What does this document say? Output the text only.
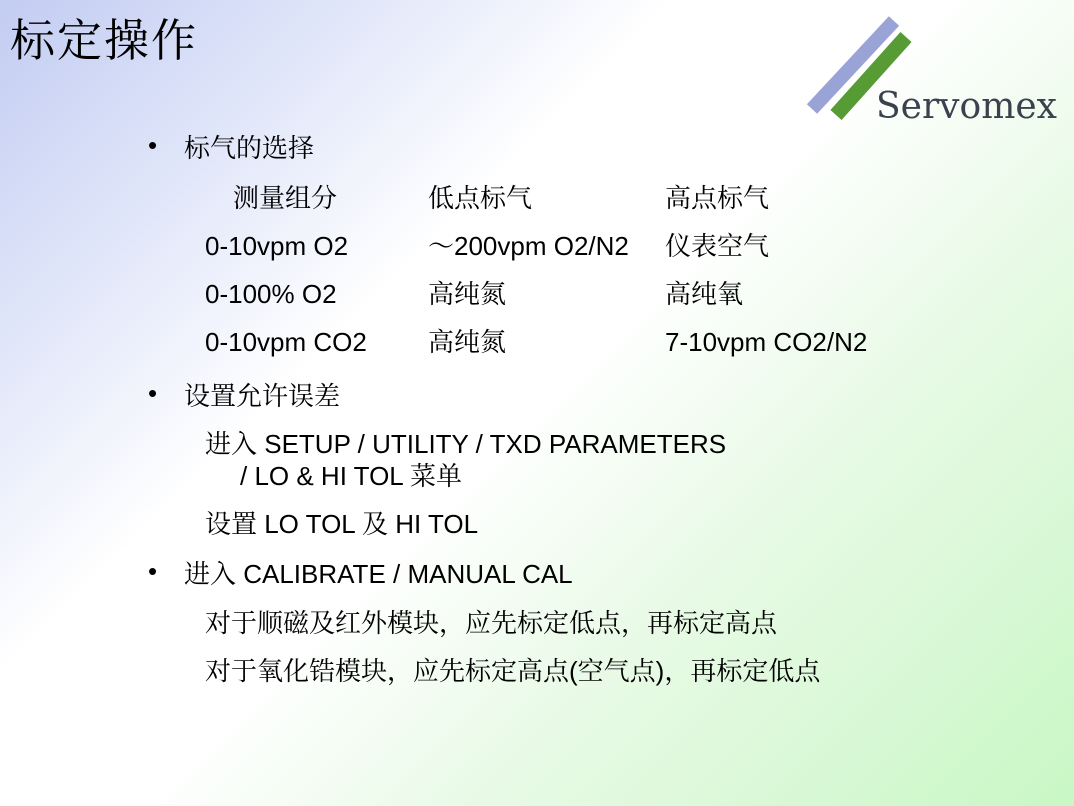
标定操作
Servomex
• 标气的选择
测量组分	低点标气	高点标气
0-10vpm O2	～200vpm O2/N2 仪表空气
0-100% O2	高纯氮	高纯氧
0-10vpm CO2 高纯氮	7-10vpm CO2/N2
• 设置允许误差
进入 SETUP / UTILITY / TXD PARAMETERS
/ LO & HI TOL 菜单
设置 LO TOL 及 HI TOL
• 进入 CALIBRATE / MANUAL CAL
对于顺磁及红外模块，应先标定低点，再标定高点
对于氧化锆模块，应先标定高点(空气点)，再标定低点
